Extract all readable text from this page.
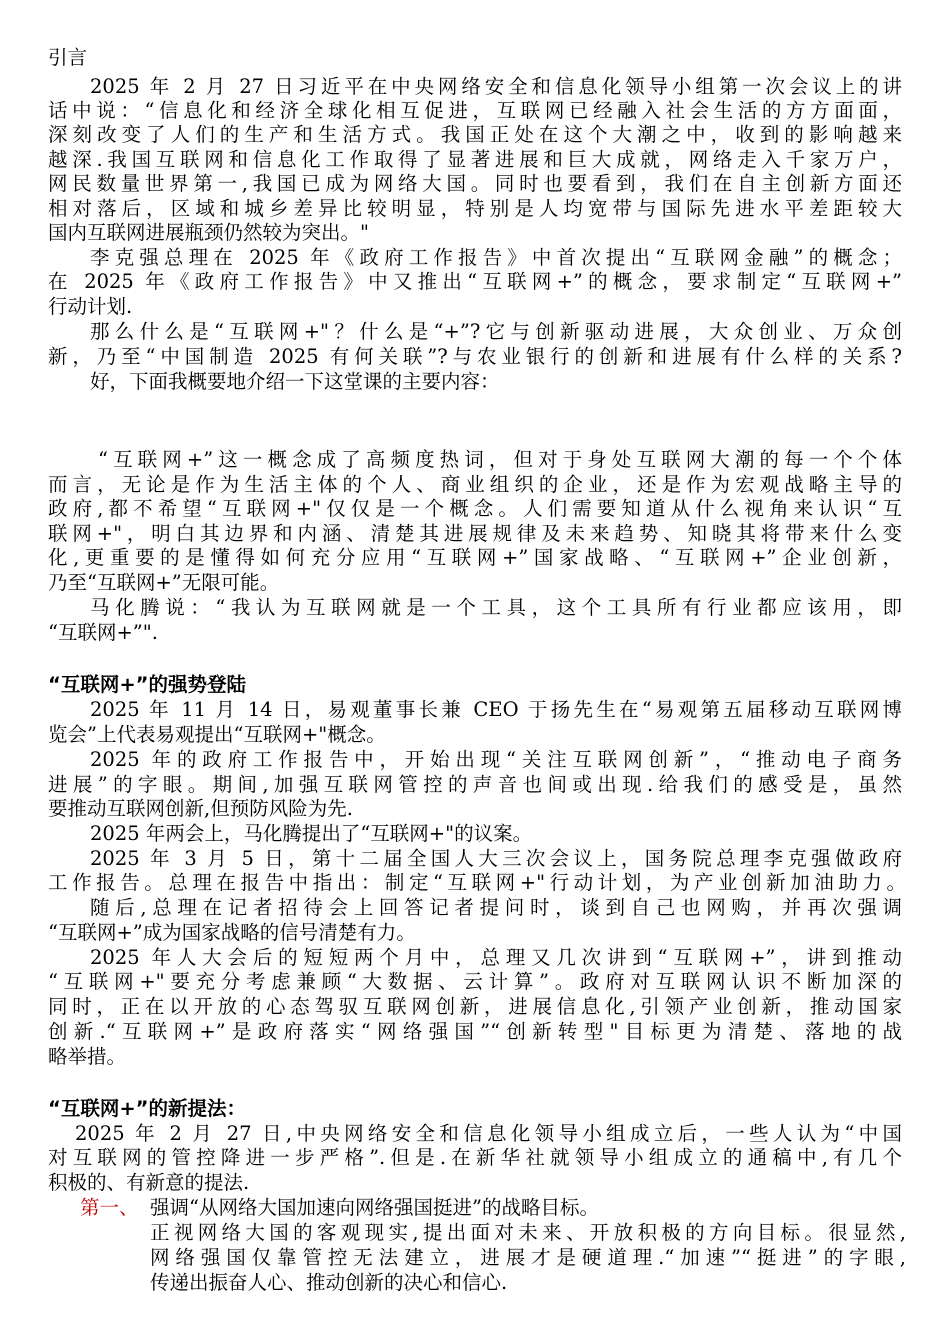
引言
2025 年 2 月 27 日习近平在中央网络安全和信息化领导小组第一次会议上的讲
话中说：“信息化和经济全球化相互促进，互联网已经融入社会生活的方方面面，
深刻改变了人们的生产和生活方式。我国正处在这个大潮之中，收到的影响越来
越深.我国互联网和信息化工作取得了显著进展和巨大成就，网络走入千家万户，
网民数量世界第一,我国已成为网络大国。同时也要看到，我们在自主创新方面还
相对落后，区域和城乡差异比较明显，特别是人均宽带与国际先进水平差距较大
国内互联网进展瓶颈仍然较为突出。"
李克强总理在 2025 年《政府工作报告》中首次提出“互联网金融”的概念；
在 2025 年《政府工作报告》中又推出“互联网+”的概念，要求制定“互联网+”
行动计划.
那么什么是“互联网+"？什么是“+”?它与创新驱动进展，大众创业、万众创
新，乃至“中国制造 2025 有何关联”?与农业银行的创新和进展有什么样的关系?
好，下面我概要地介绍一下这堂课的主要内容：
“互联网+”这一概念成了高频度热词，但对于身处互联网大潮的每一个个体
而言，无论是作为生活主体的个人、商业组织的企业，还是作为宏观战略主导的
政府,都不希望“互联网+"仅仅是一个概念。人们需要知道从什么视角来认识“互
联网+"，明白其边界和内涵、清楚其进展规律及未来趋势、知晓其将带来什么变
化,更重要的是懂得如何充分应用“互联网+”国家战略、“互联网+”企业创新，
乃至“互联网+”无限可能。
马化腾说：“我认为互联网就是一个工具，这个工具所有行业都应该用，即
“互联网+”".
“互联网+”的强势登陆
2025 年 11 月 14 日，易观董事长兼 CEO 于扬先生在“易观第五届移动互联网博
览会”上代表易观提出“互联网+"概念。
2025 年的政府工作报告中，开始出现“关注互联网创新”，“推动电子商务
进展”的字眼。期间,加强互联网管控的声音也间或出现.给我们的感受是，虽然
要推动互联网创新,但预防风险为先.
2025 年两会上，马化腾提出了“互联网+"的议案。
2025 年 3 月 5 日，第十二届全国人大三次会议上，国务院总理李克强做政府
工作报告。总理在报告中指出：制定“互联网+"行动计划，为产业创新加油助力。
随后,总理在记者招待会上回答记者提问时，谈到自己也网购，并再次强调
“互联网+”成为国家战略的信号清楚有力。
2025 年人大会后的短短两个月中，总理又几次讲到“互联网+”，讲到推动
“互联网+"要充分考虑兼顾“大数据、云计算”。政府对互联网认识不断加深的
同时，正在以开放的心态驾驭互联网创新，进展信息化,引领产业创新，推动国家
创新.“互联网+”是政府落实“网络强国”“创新转型"目标更为清楚、落地的战
略举措。
“互联网+”的新提法：
2025 年 2 月 27 日,中央网络安全和信息化领导小组成立后，一些人认为“中国
对互联网的管控降进一步严格”.但是.在新华社就领导小组成立的通稿中,有几个
积极的、有新意的提法.
第一、 强调“从网络大国加速向网络强国挺进”的战略目标。
正视网络大国的客观现实,提出面对未来、开放积极的方向目标。很显然,
网络强国仅靠管控无法建立，进展才是硬道理.“加速”“挺进”的字眼,
传递出振奋人心、推动创新的决心和信心.
